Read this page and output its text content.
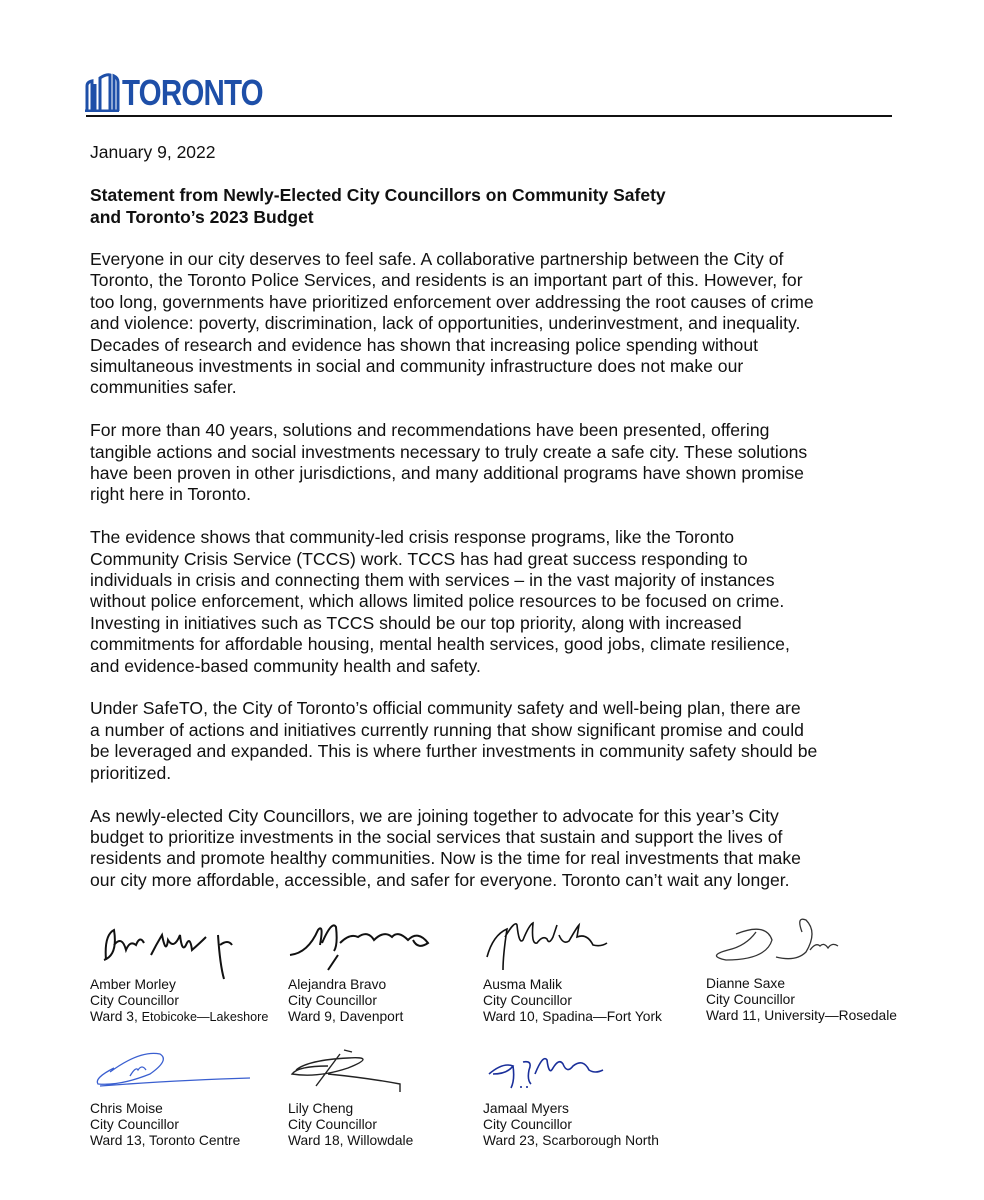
TORONTO
January 9, 2022
Statement from Newly-Elected City Councillors on Community Safety
and Toronto’s 2023 Budget
Everyone in our city deserves to feel safe. A collaborative partnership between the City of
Toronto, the Toronto Police Services, and residents is an important part of this. However, for
too long, governments have prioritized enforcement over addressing the root causes of crime
and violence: poverty, discrimination, lack of opportunities, underinvestment, and inequality.
Decades of research and evidence has shown that increasing police spending without
simultaneous investments in social and community infrastructure does not make our
communities safer.
For more than 40 years, solutions and recommendations have been presented, offering
tangible actions and social investments necessary to truly create a safe city. These solutions
have been proven in other jurisdictions, and many additional programs have shown promise
right here in Toronto.
The evidence shows that community-led crisis response programs, like the Toronto
Community Crisis Service (TCCS) work. TCCS has had great success responding to
individuals in crisis and connecting them with services – in the vast majority of instances
without police enforcement, which allows limited police resources to be focused on crime.
Investing in initiatives such as TCCS should be our top priority, along with increased
commitments for affordable housing, mental health services, good jobs, climate resilience,
and evidence-based community health and safety.
Under SafeTO, the City of Toronto’s official community safety and well-being plan, there are
a number of actions and initiatives currently running that show significant promise and could
be leveraged and expanded. This is where further investments in community safety should be
prioritized.
As newly-elected City Councillors, we are joining together to advocate for this year’s City
budget to prioritize investments in the social services that sustain and support the lives of
residents and promote healthy communities. Now is the time for real investments that make
our city more affordable, accessible, and safer for everyone. Toronto can’t wait any longer.
Amber Morley
City Councillor
Ward 3, Etobicoke—Lakeshore
Alejandra Bravo
City Councillor
Ward 9, Davenport
Ausma Malik
City Councillor
Ward 10, Spadina—Fort York
Dianne Saxe
City Councillor
Ward 11, University—Rosedale
Chris Moise
City Councillor
Ward 13, Toronto Centre
Lily Cheng
City Councillor
Ward 18, Willowdale
Jamaal Myers
City Councillor
Ward 23, Scarborough North
